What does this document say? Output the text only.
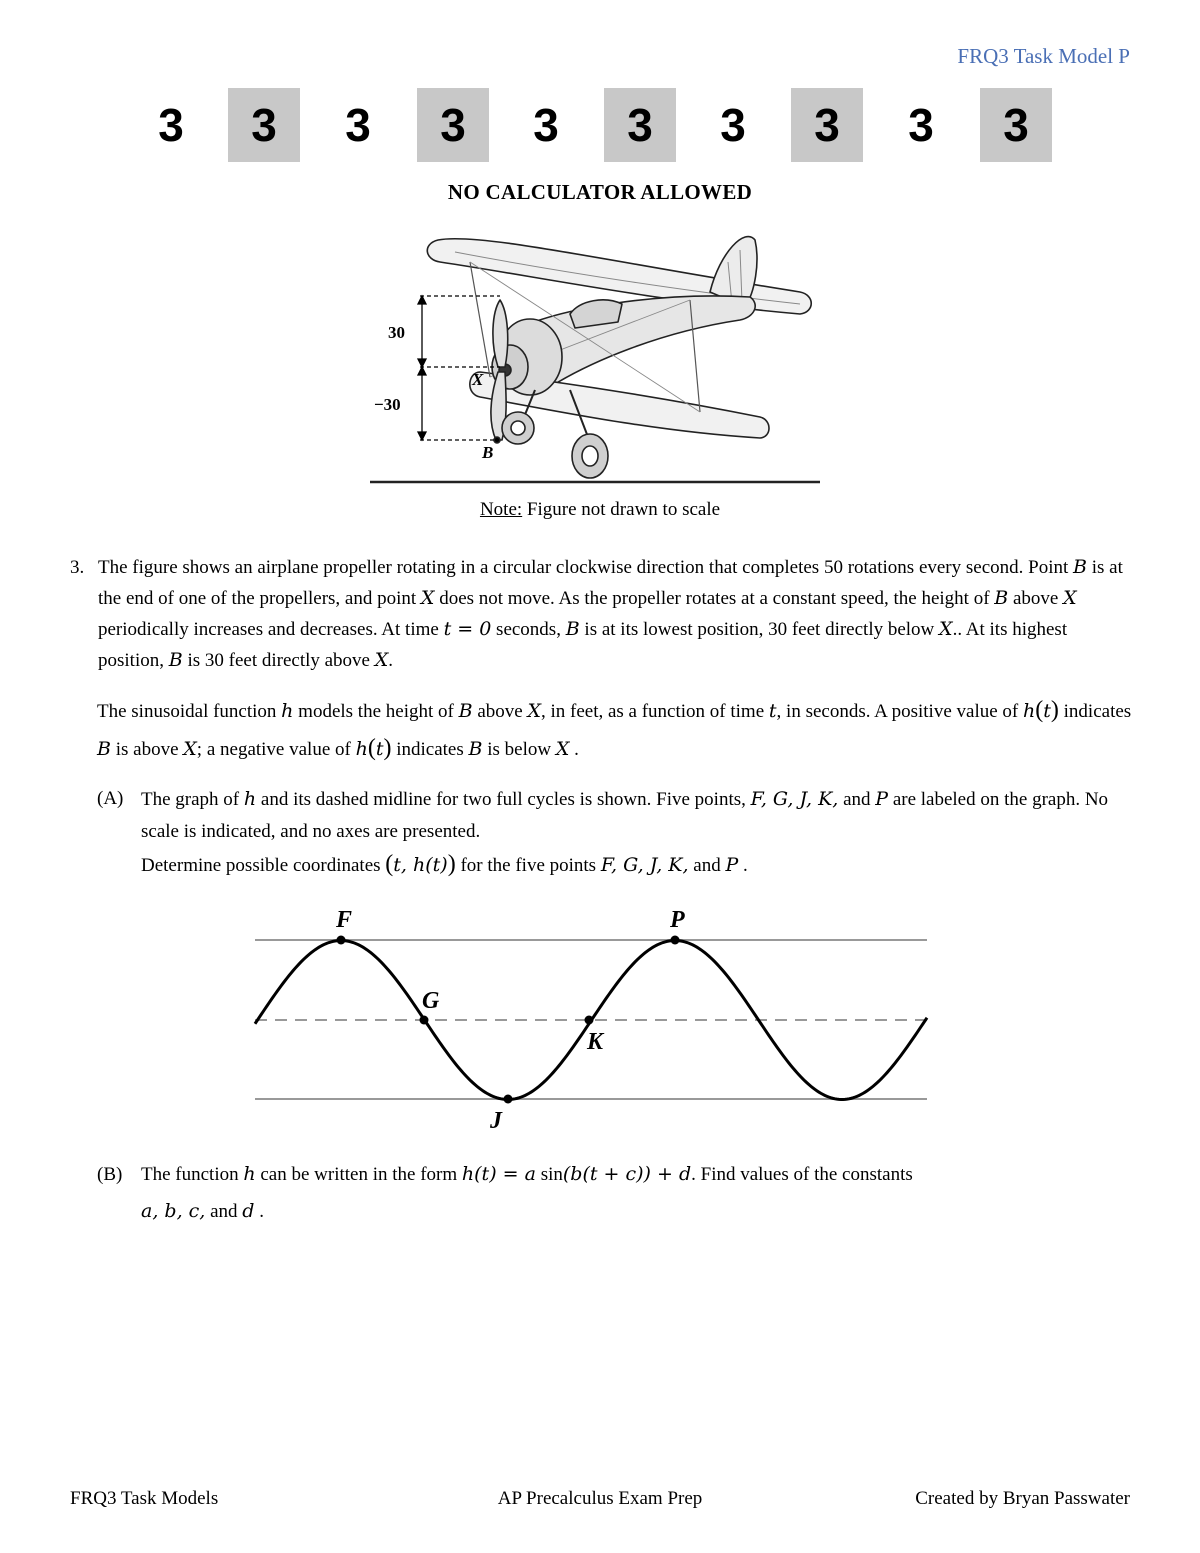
FRQ3 Task Model P
3	3	3	3	3	3	3	3	3	3
NO CALCULATOR ALLOWED
30
−30
X
B
Note: Figure not drawn to scale
3. The figure shows an airplane propeller rotating in a circular clockwise direction that completes 50 rotations every second. Point B is at the end of one of the propellers, and point X does not move. As the propeller rotates at a constant speed, the height of B above X periodically increases and decreases. At time t = 0 seconds, B is at its lowest position, 30 feet directly below X.. At its highest position, B is 30 feet directly above X.
The sinusoidal function h models the height of B above X, in feet, as a function of time t, in seconds. A positive value of h(t) indicates B is above X; a negative value of h(t) indicates B is below X .
(A) The graph of h and its dashed midline for two full cycles is shown. Five points, F, G, J, K, and P are labeled on the graph. No scale is indicated, and no axes are presented.
Determine possible coordinates (t, h(t)) for the five points F, G, J, K, and P .
F
G
J
K
P
(B) The function h can be written in the form h(t) = a sin(b(t + c)) + d. Find values of the constants
a, b, c, and d .
FRQ3 Task Models	AP Precalculus Exam Prep	Created by Bryan Passwater
